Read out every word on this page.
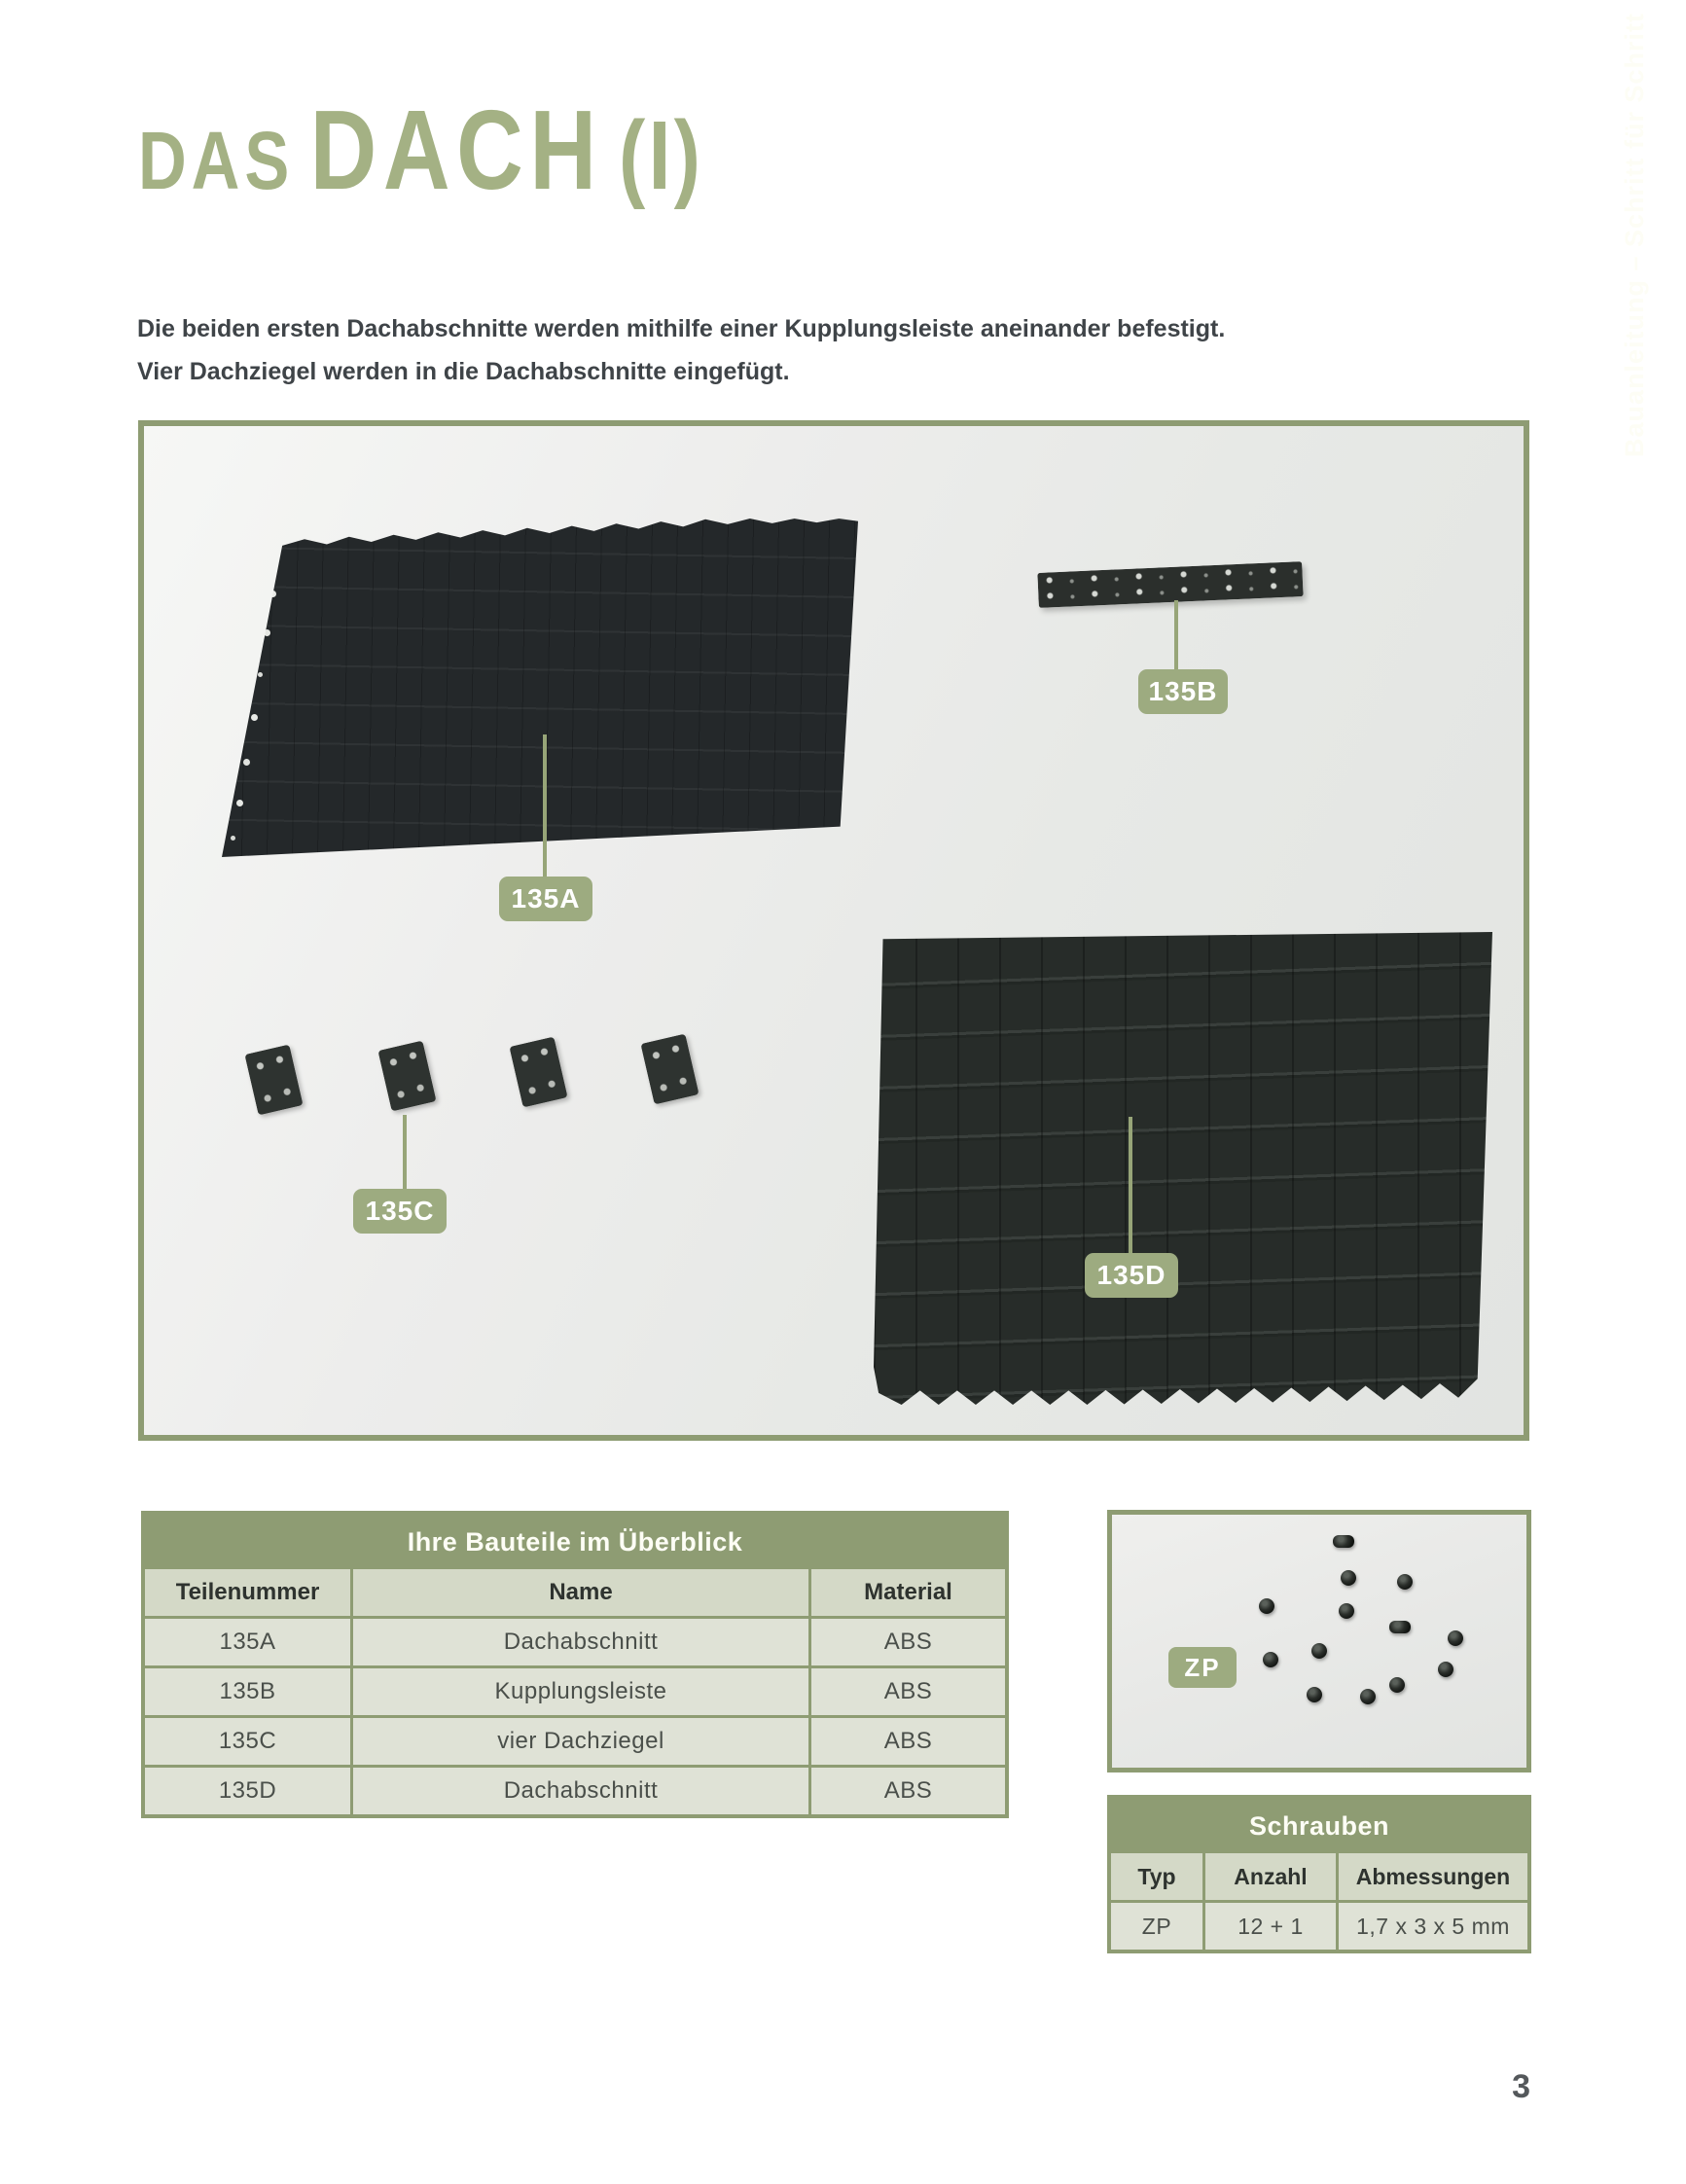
Bauanleitung – Schritt für Schritt
DAS DACH (I)
Die beiden ersten Dachabschnitte werden mithilfe einer Kupplungsleiste aneinander befestigt.
Vier Dachziegel werden in die Dachabschnitte eingefügt.
135A
135B
135C
135D
Ihre Bauteile im Überblick
Teilenummer	Name	Material
135A	Dachabschnitt	ABS
135B	Kupplungsleiste	ABS
135C	vier Dachziegel	ABS
135D	Dachabschnitt	ABS
ZP
Schrauben
Typ	Anzahl	Abmessungen
ZP	12 + 1	1,7 x 3 x 5 mm
3
